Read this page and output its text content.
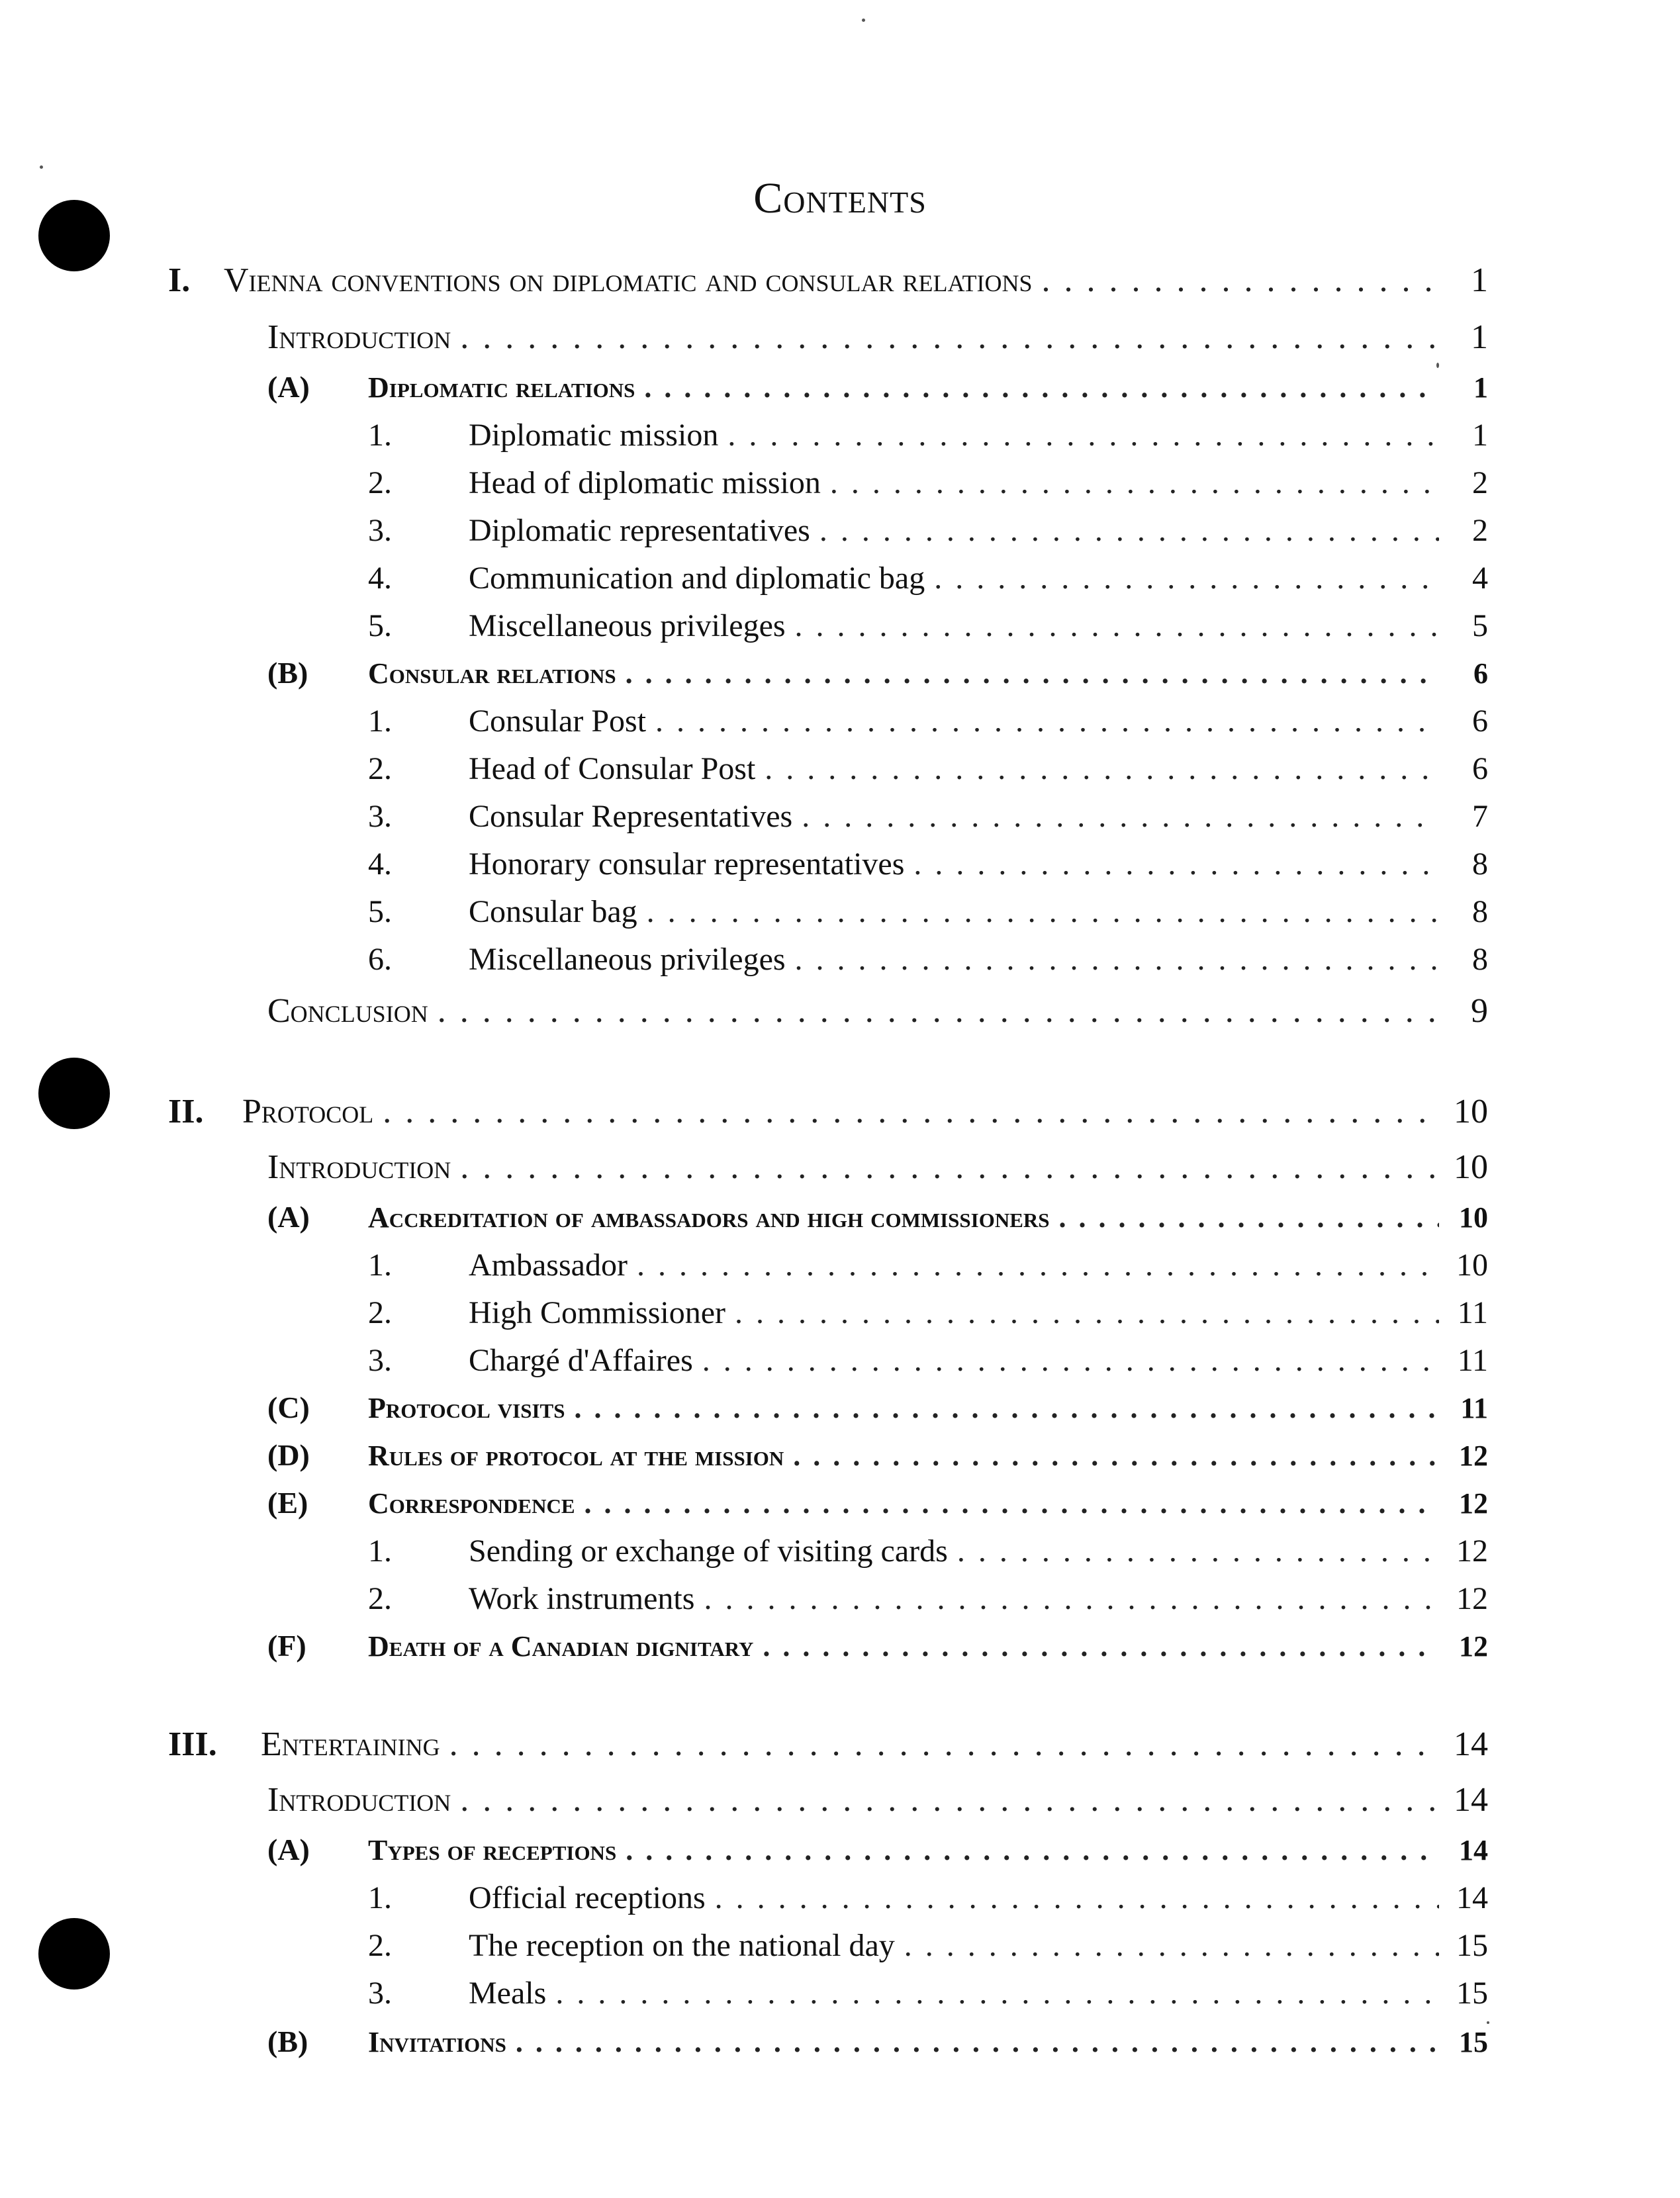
Contents
I. Vienna conventions on diplomatic and consular relations . . .	1
Introduction . . .	1
(A)	Diplomatic relations . . .	1
1.	Diplomatic mission . . .	1
2.	Head of diplomatic mission . . .	2
3.	Diplomatic representatives . . .	2
4.	Communication and diplomatic bag . . .	4
5.	Miscellaneous privileges . . .	5
(B)	Consular relations . . .	6
1.	Consular Post . . .	6
2.	Head of Consular Post . . .	6
3.	Consular Representatives . . .	7
4.	Honorary consular representatives . . .	8
5.	Consular bag . . .	8
6.	Miscellaneous privileges . . .	8
Conclusion . . .	9
II.	Protocol . . .	10
Introduction . . .	10
(A)	Accreditation of ambassadors and high commissioners . . .	10
1.	Ambassador . . .	10
2.	High Commissioner . . .	11
3.	Chargé d'Affaires . . .	11
(C)	Protocol visits . . .	11
(D)	Rules of protocol at the mission . . .	12
(E)	Correspondence . . .	12
1.	Sending or exchange of visiting cards . . .	12
2.	Work instruments . . .	12
(F)	Death of a Canadian dignitary . . .	12
III.	Entertaining . . .	14
Introduction . . .	14
(A)	Types of receptions . . .	14
1.	Official receptions . . .	14
2.	The reception on the national day . . .	15
3.	Meals . . .	15
(B)	Invitations . . .	15
